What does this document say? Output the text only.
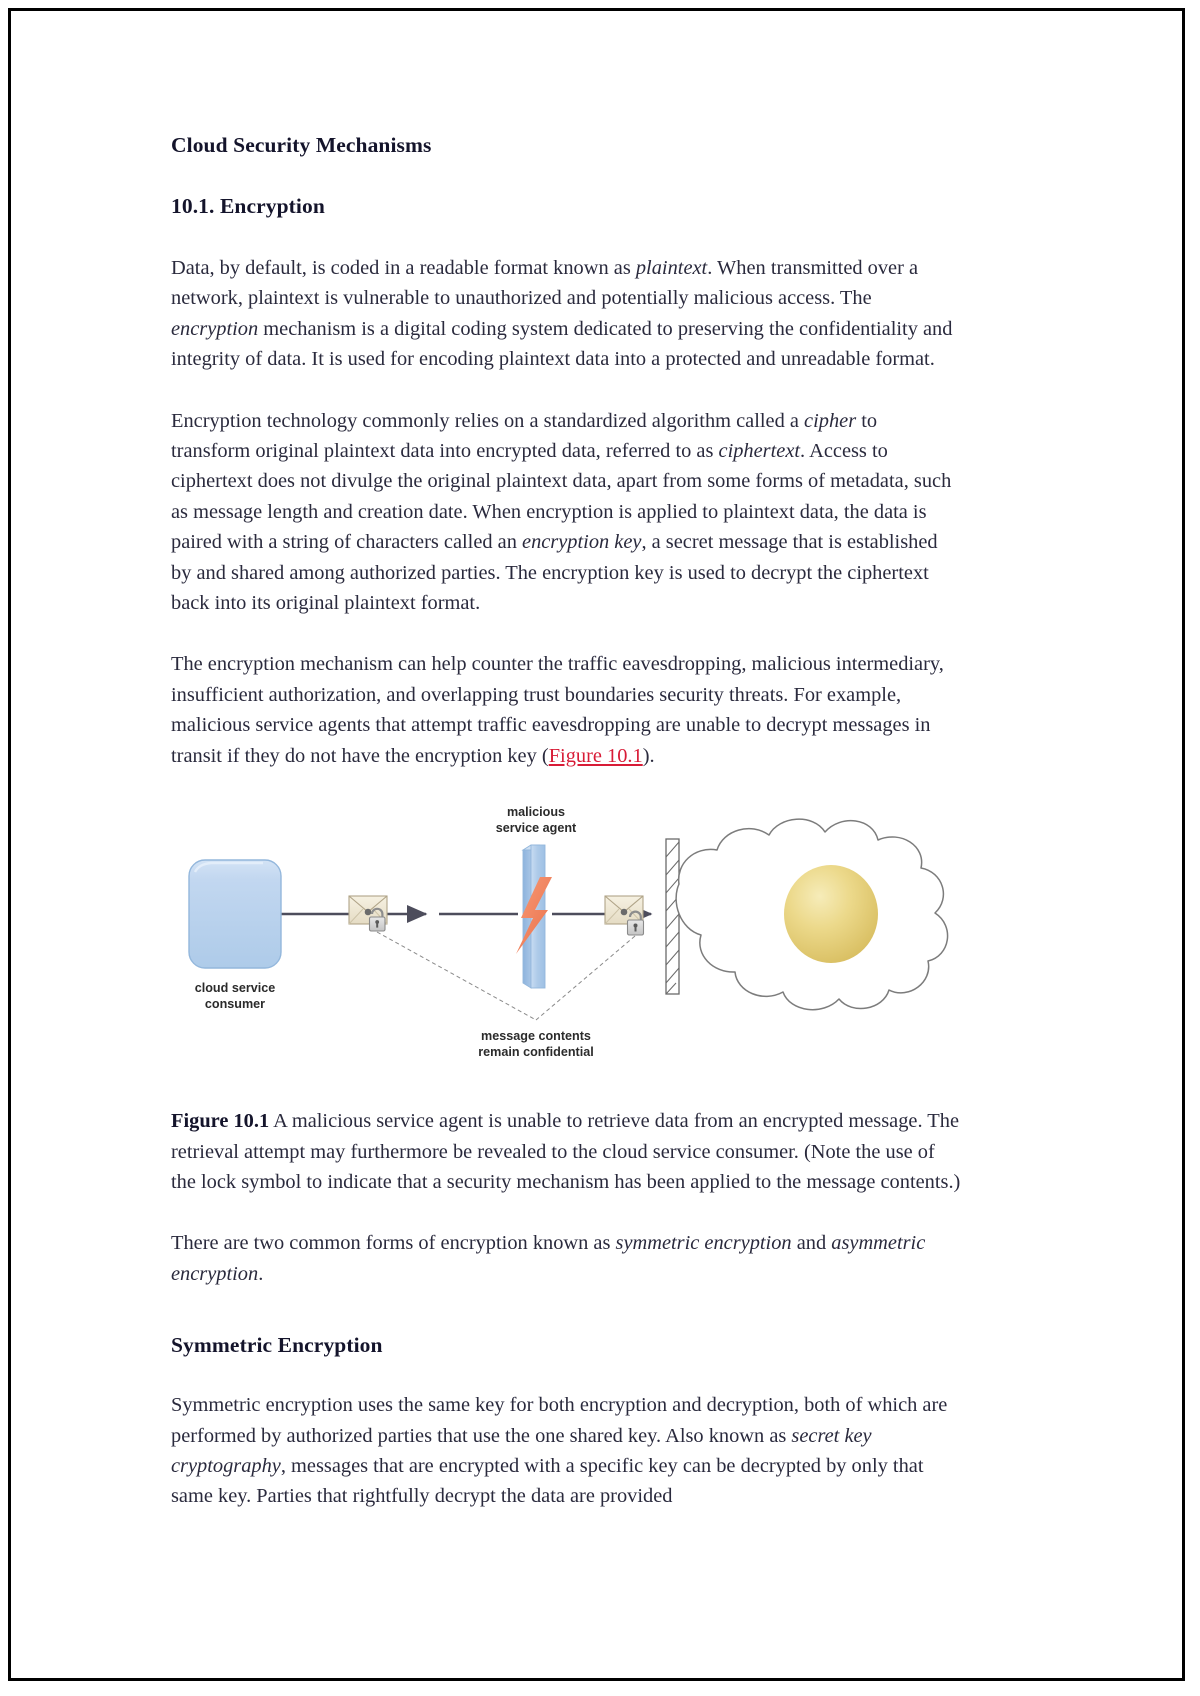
Cloud Security Mechanisms
10.1. Encryption

Data, by default, is coded in a readable format known as plaintext. When transmitted over a network, plaintext is vulnerable to unauthorized and potentially malicious access. The encryption mechanism is a digital coding system dedicated to preserving the confidentiality and integrity of data. It is used for encoding plaintext data into a protected and unreadable format.

Encryption technology commonly relies on a standardized algorithm called a cipher to transform original plaintext data into encrypted data, referred to as ciphertext. Access to ciphertext does not divulge the original plaintext data, apart from some forms of metadata, such as message length and creation date. When encryption is applied to plaintext data, the data is paired with a string of characters called an encryption key, a secret message that is established by and shared among authorized parties. The encryption key is used to decrypt the ciphertext back into its original plaintext format.

The encryption mechanism can help counter the traffic eavesdropping, malicious intermediary, insufficient authorization, and overlapping trust boundaries security threats. For example, malicious service agents that attempt traffic eavesdropping are unable to decrypt messages in transit if they do not have the encryption key (Figure 10.1).

cloud service
consumer
malicious
service agent
message contents
remain confidential

Figure 10.1 A malicious service agent is unable to retrieve data from an encrypted message. The retrieval attempt may furthermore be revealed to the cloud service consumer. (Note the use of the lock symbol to indicate that a security mechanism has been applied to the message contents.)

There are two common forms of encryption known as symmetric encryption and asymmetric encryption.

Symmetric Encryption

Symmetric encryption uses the same key for both encryption and decryption, both of which are performed by authorized parties that use the one shared key. Also known as secret key cryptography, messages that are encrypted with a specific key can be decrypted by only that same key. Parties that rightfully decrypt the data are provided
